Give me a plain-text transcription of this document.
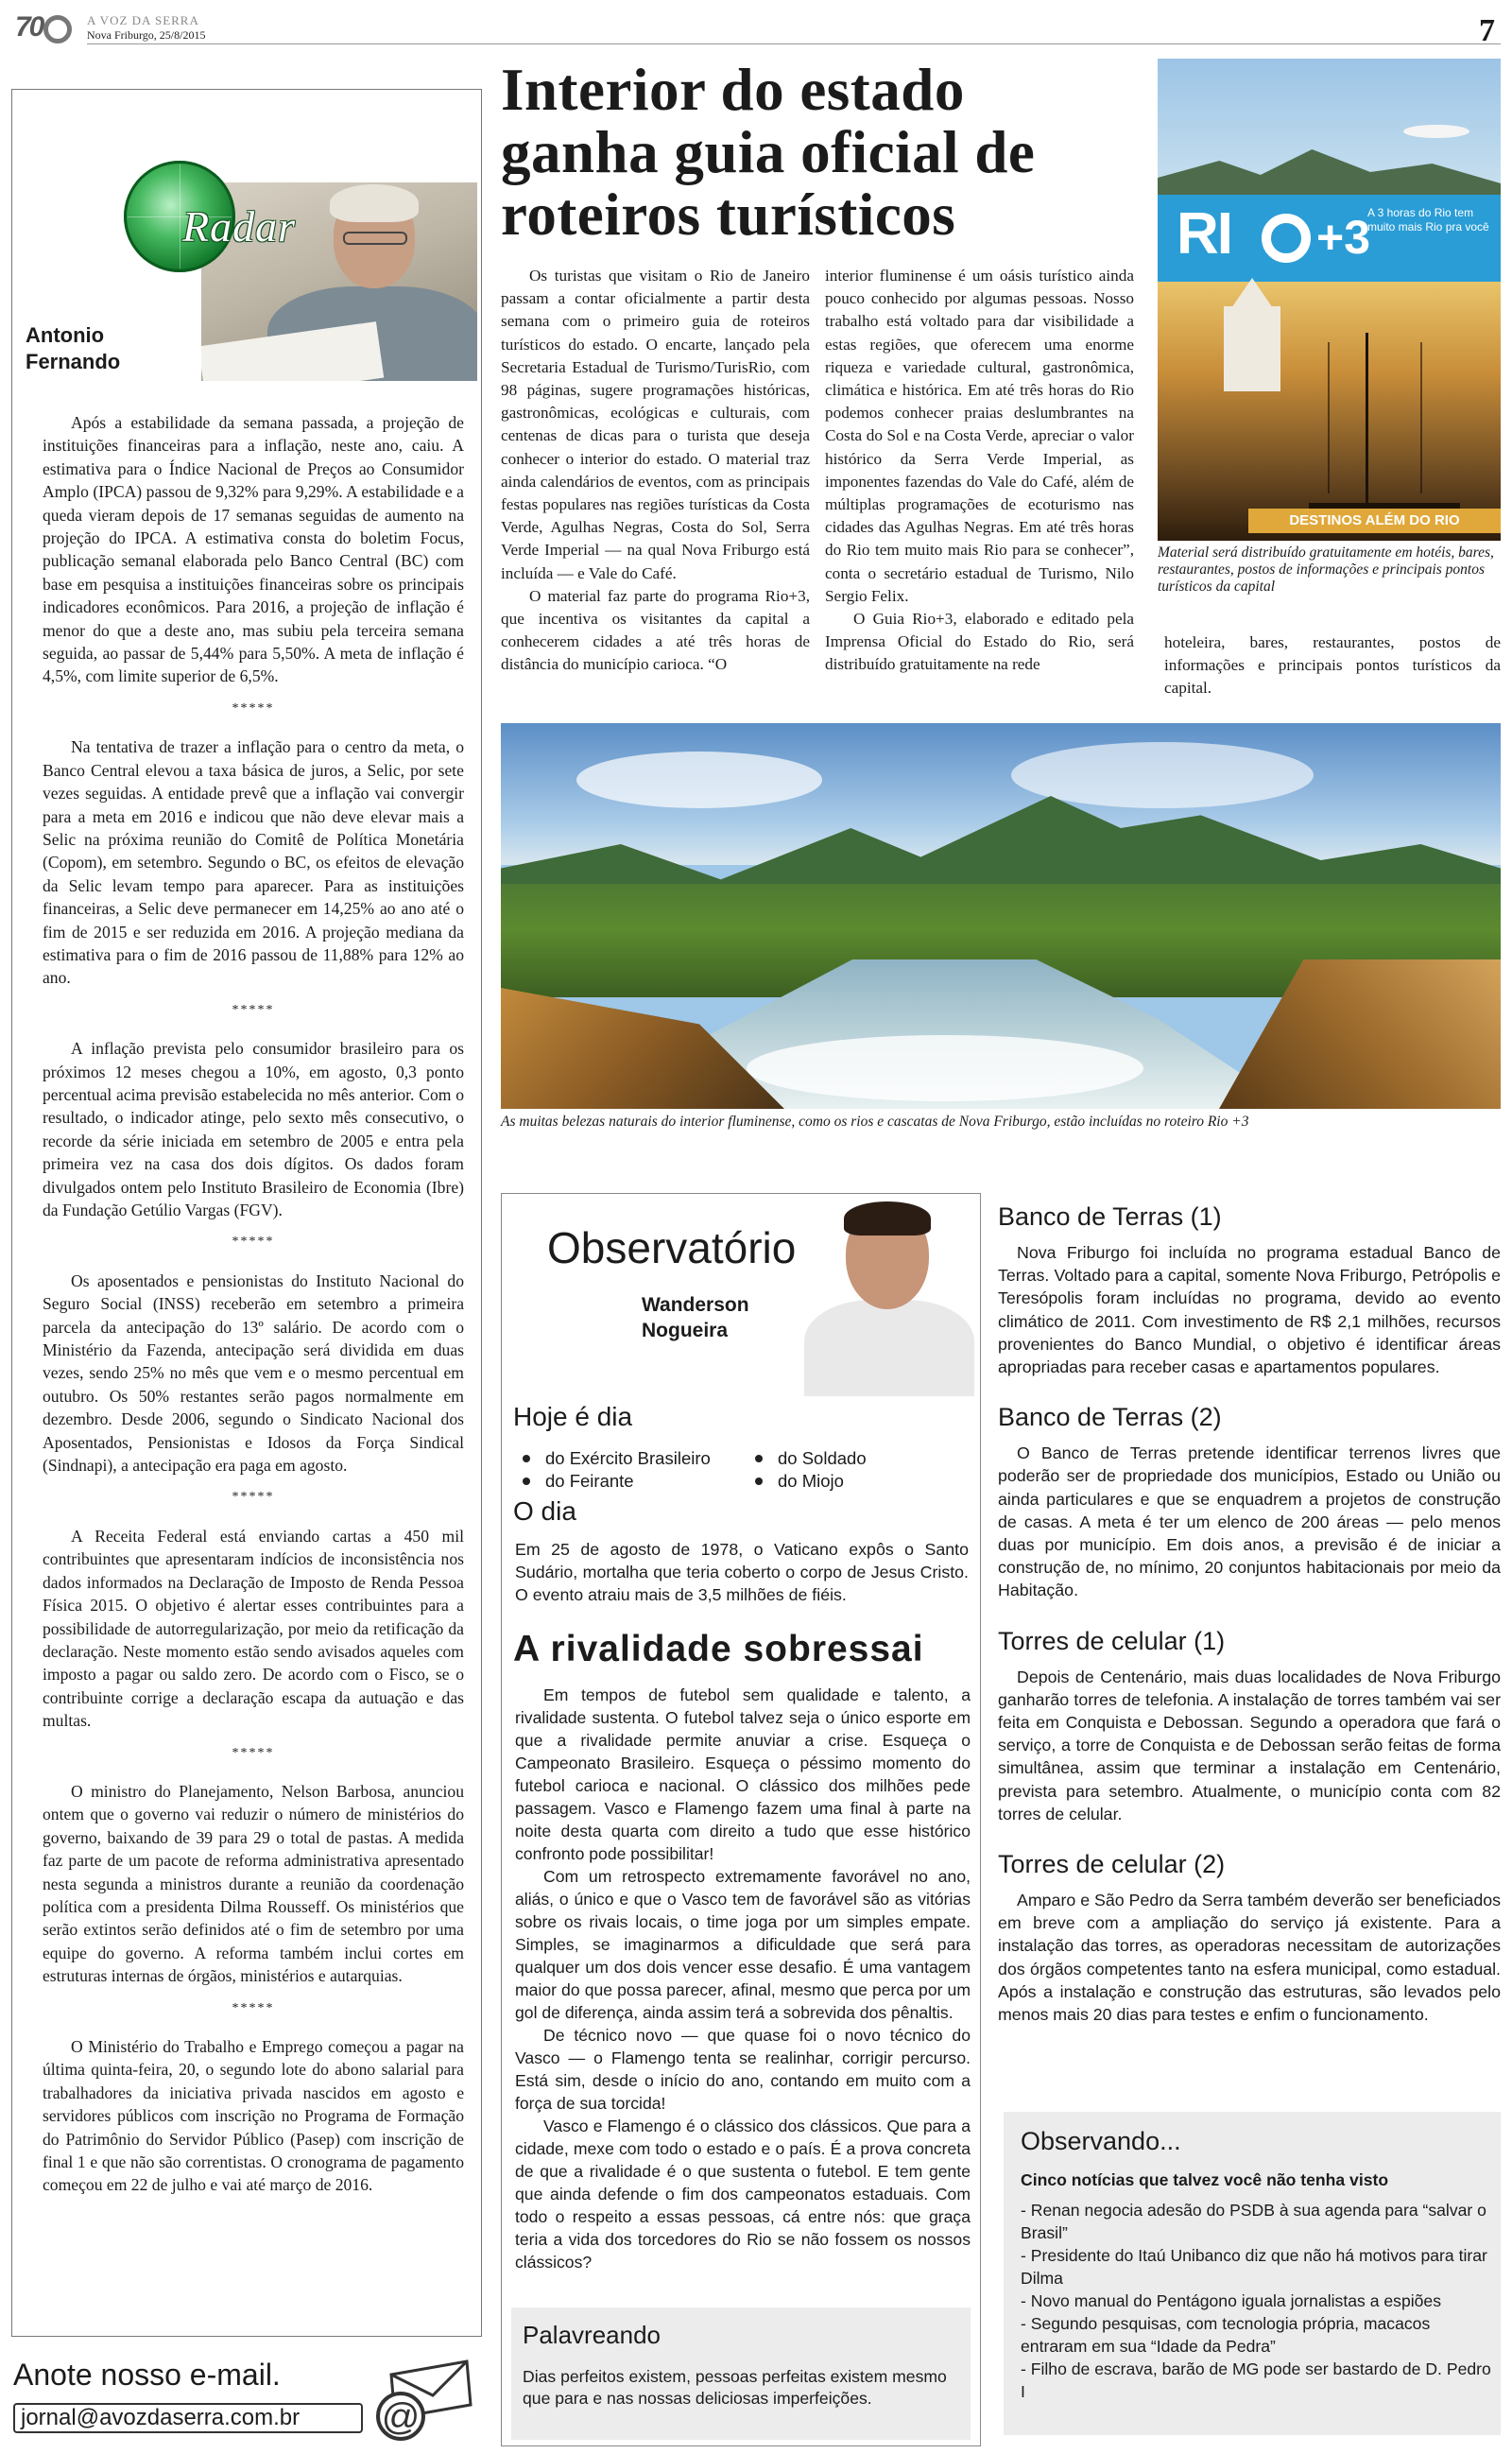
70	A VOZ DA SERRA
Nova Friburgo, 25/8/2015	7
Radar
Antonio Fernando

Após a estabilidade da semana passada, a projeção de instituições financeiras para a inflação, neste ano, caiu. A estimativa para o Índice Nacional de Preços ao Consumidor Amplo (IPCA) passou de 9,32% para 9,29%. A estabilidade e a queda vieram depois de 17 semanas seguidas de aumento na projeção do IPCA. A estimativa consta do boletim Focus, publicação semanal elaborada pelo Banco Central (BC) com base em pesquisa a instituições financeiras sobre os principais indicadores econômicos. Para 2016, a projeção de inflação é menor do que a deste ano, mas subiu pela terceira semana seguida, ao passar de 5,44% para 5,50%. A meta de inflação é 4,5%, com limite superior de 6,5%.

*****

Na tentativa de trazer a inflação para o centro da meta, o Banco Central elevou a taxa básica de juros, a Selic, por sete vezes seguidas. A entidade prevê que a inflação vai convergir para a meta em 2016 e indicou que não deve elevar mais a Selic na próxima reunião do Comitê de Política Monetária (Copom), em setembro. Segundo o BC, os efeitos de elevação da Selic levam tempo para aparecer. Para as instituições financeiras, a Selic deve permanecer em 14,25% ao ano até o fim de 2015 e ser reduzida em 2016. A projeção mediana da estimativa para o fim de 2016 passou de 11,88% para 12% ao ano.

*****

A inflação prevista pelo consumidor brasileiro para os próximos 12 meses chegou a 10%, em agosto, 0,3 ponto percentual acima previsão estabelecida no mês anterior. Com o resultado, o indicador atinge, pelo sexto mês consecutivo, o recorde da série iniciada em setembro de 2005 e entra pela primeira vez na casa dos dois dígitos. Os dados foram divulgados ontem pelo Instituto Brasileiro de Economia (Ibre) da Fundação Getúlio Vargas (FGV).

*****

Os aposentados e pensionistas do Instituto Nacional do Seguro Social (INSS) receberão em setembro a primeira parcela da antecipação do 13º salário. De acordo com o Ministério da Fazenda, antecipação será dividida em duas vezes, sendo 25% no mês que vem e o mesmo percentual em outubro. Os 50% restantes serão pagos normalmente em dezembro. Desde 2006, segundo o Sindicato Nacional dos Aposentados, Pensionistas e Idosos da Força Sindical (Sindnapi), a antecipação era paga em agosto.

*****

A Receita Federal está enviando cartas a 450 mil contribuintes que apresentaram indícios de inconsistência nos dados informados na Declaração de Imposto de Renda Pessoa Física 2015. O objetivo é alertar esses contribuintes para a possibilidade de autorregularização, por meio da retificação da declaração. Neste momento estão sendo avisados aqueles com imposto a pagar ou saldo zero. De acordo com o Fisco, se o contribuinte corrige a declaração escapa da autuação e das multas.

*****

O ministro do Planejamento, Nelson Barbosa, anunciou ontem que o governo vai reduzir o número de ministérios do governo, baixando de 39 para 29 o total de pastas. A medida faz parte de um pacote de reforma administrativa apresentado nesta segunda a ministros durante a reunião da coordenação política com a presidenta Dilma Rousseff. Os ministérios que serão extintos serão definidos até o fim de setembro por uma equipe do governo. A reforma também inclui cortes em estruturas internas de órgãos, ministérios e autarquias.

*****

O Ministério do Trabalho e Emprego começou a pagar na última quinta-feira, 20, o segundo lote do abono salarial para trabalhadores da iniciativa privada nascidos em agosto e servidores públicos com inscrição no Programa de Formação do Patrimônio do Servidor Público (Pasep) com inscrição de final 1 e que não são correntistas. O cronograma de pagamento começou em 22 de julho e vai até março de 2016.

Anote nosso e-mail.
jornal@avozdaserra.com.br	@
Interior do estado ganha guia oficial de roteiros turísticos

Os turistas que visitam o Rio de Janeiro passam a contar oficialmente a partir desta semana com o primeiro guia de roteiros turísticos do estado. O encarte, lançado pela Secretaria Estadual de Turismo/TurisRio, com 98 páginas, sugere programações históricas, gastronômicas, ecológicas e culturais, com centenas de dicas para o turista que deseja conhecer o interior do estado. O material traz ainda calendários de eventos, com as principais festas populares nas regiões turísticas da Costa Verde, Agulhas Negras, Costa do Sol, Serra Verde Imperial — na qual Nova Friburgo está incluída — e Vale do Café.

O material faz parte do programa Rio+3, que incentiva os visitantes da capital a conhecerem cidades a até três horas de distância do município carioca. “O

interior fluminense é um oásis turístico ainda pouco conhecido por algumas pessoas. Nosso trabalho está voltado para dar visibilidade a estas regiões, que oferecem uma enorme riqueza e variedade cultural, gastronômica, climática e histórica. Em até três horas do Rio podemos conhecer praias deslumbrantes na Costa do Sol e na Costa Verde, apreciar o valor histórico da Serra Verde Imperial, as imponentes fazendas do Vale do Café, além de múltiplas programações de ecoturismo nas cidades das Agulhas Negras. Em até três horas do Rio tem muito mais Rio para se conhecer”, conta o secretário estadual de Turismo, Nilo Sergio Felix.

O Guia Rio+3, elaborado e editado pela Imprensa Oficial do Estado do Rio, será distribuído gratuitamente na rede

RI +3
A 3 horas do Rio tem muito mais Rio pra você
DESTINOS ALÉM DO RIO
Material será distribuído gratuitamente em hotéis, bares, restaurantes, postos de informações e principais pontos turísticos da capital

hoteleira, bares, restaurantes, postos de informações e principais pontos turísticos da capital.

As muitas belezas naturais do interior fluminense, como os rios e cascatas de Nova Friburgo, estão incluídas no roteiro Rio +3
Observatório
Wanderson Nogueira
Hoje é dia
do Exército Brasileiro
do Feirante
do Soldado
do Miojo
O dia
Em 25 de agosto de 1978, o Vaticano expôs o Santo Sudário, mortalha que teria coberto o corpo de Jesus Cristo. O evento atraiu mais de 3,5 milhões de fiéis.
A rivalidade sobressai

Em tempos de futebol sem qualidade e talento, a rivalidade sustenta. O futebol talvez seja o único esporte em que a rivalidade permite anuviar a crise. Esqueça o Campeonato Brasileiro. Esqueça o péssimo momento do futebol carioca e nacional. O clássico dos milhões pede passagem. Vasco e Flamengo fazem uma final à parte na noite desta quarta com direito a tudo que esse histórico confronto pode possibilitar!

Com um retrospecto extremamente favorável no ano, aliás, o único e que o Vasco tem de favorável são as vitórias sobre os rivais locais, o time joga por um simples empate. Simples, se imaginarmos a dificuldade que será para qualquer um dos dois vencer esse desafio. É uma vantagem maior do que possa parecer, afinal, mesmo que perca por um gol de diferença, ainda assim terá a sobrevida dos pênaltis.

De técnico novo — que quase foi o novo técnico do Vasco — o Flamengo tenta se realinhar, corrigir percurso. Está sim, desde o início do ano, contando em muito com a força de sua torcida!

Vasco e Flamengo é o clássico dos clássicos. Que para a cidade, mexe com todo o estado e o país. É a prova concreta de que a rivalidade é o que sustenta o futebol. E tem gente que ainda defende o fim dos campeonatos estaduais. Com todo o respeito a essas pessoas, cá entre nós: que graça teria a vida dos torcedores do Rio se não fossem os nossos clássicos?

Palavreando
Dias perfeitos existem, pessoas perfeitas existem mesmo que para e nas nossas deliciosas imperfeições.
Banco de Terras (1)

Nova Friburgo foi incluída no programa estadual Banco de Terras. Voltado para a capital, somente Nova Friburgo, Petrópolis e Teresópolis foram incluídas no programa, devido ao evento climático de 2011. Com investimento de R$ 2,1 milhões, recursos provenientes do Banco Mundial, o objetivo é identificar áreas apropriadas para receber casas e apartamentos populares.

Banco de Terras (2)

O Banco de Terras pretende identificar terrenos livres que poderão ser de propriedade dos municípios, Estado ou União ou ainda particulares e que se enquadrem a projetos de construção de casas. A meta é ter um elenco de 200 áreas — pelo menos duas por município. Em dois anos, a previsão é de iniciar a construção de, no mínimo, 20 conjuntos habitacionais por meio da Habitação.

Torres de celular (1)

Depois de Centenário, mais duas localidades de Nova Friburgo ganharão torres de telefonia. A instalação de torres também vai ser feita em Conquista e Debossan. Segundo a operadora que fará o serviço, a torre de Conquista e de Debossan serão feitas de forma simultânea, assim que terminar a instalação em Centenário, prevista para setembro. Atualmente, o município conta com 82 torres de celular.

Torres de celular (2)

Amparo e São Pedro da Serra também deverão ser beneficiados em breve com a ampliação do serviço já existente. Para a instalação das torres, as operadoras necessitam de autorizações dos órgãos competentes tanto na esfera municipal, como estadual. Após a instalação e construção das estruturas, são levados pelo menos mais 20 dias para testes e enfim o funcionamento.

Observando...
Cinco notícias que talvez você não tenha visto
- Renan negocia adesão do PSDB à sua agenda para “salvar o Brasil”
- Presidente do Itaú Unibanco diz que não há motivos para tirar Dilma
- Novo manual do Pentágono iguala jornalistas a espiões
- Segundo pesquisas, com tecnologia própria, macacos entraram em sua “Idade da Pedra”
- Filho de escrava, barão de MG pode ser bastardo de D. Pedro I
